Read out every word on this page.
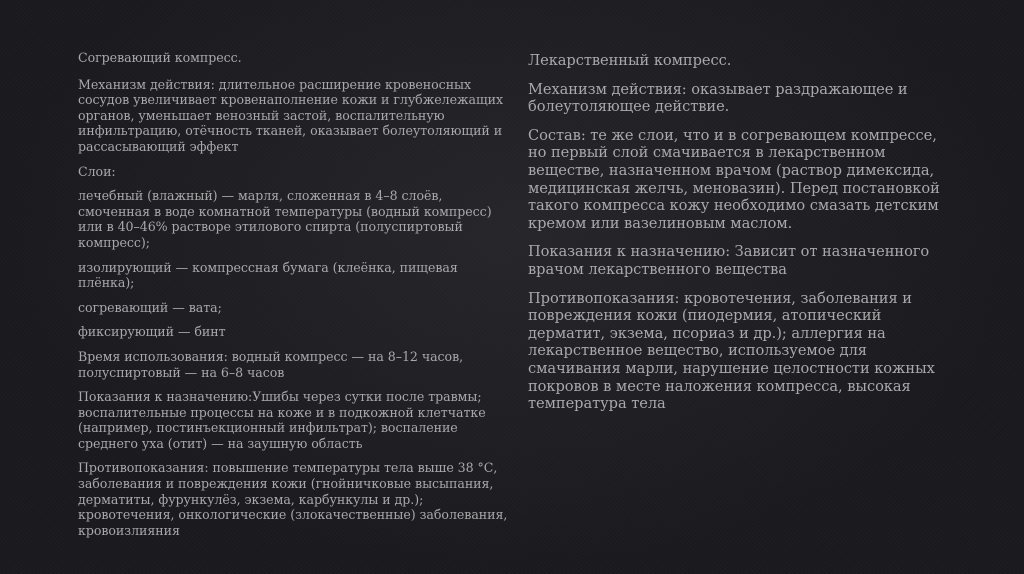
Согревающий компресс.

Механизм действия: длительное расширение кровеносных сосудов увеличивает кровенаполнение кожи и глубжележащих органов, уменьшает венозный застой, воспалительную инфильтрацию, отёчность тканей, оказывает болеутоляющий и рассасывающий эффект

Слои:

лечебный (влажный) — марля, сложенная в 4–8 слоёв, смоченная в воде комнатной температуры (водный компресс) или в 40–46% растворе этилового спирта (полуспиртовый компресс);

изолирующий — компрессная бумага (клеёнка, пищевая плёнка);

согревающий — вата;

фиксирующий — бинт

Время использования: водный компресс — на 8–12 часов, полуспиртовый — на 6–8 часов

Показания к назначению:Ушибы через сутки после травмы; воспалительные процессы на коже и в подкожной клетчатке (например, постинъекционный инфильтрат); воспаление среднего уха (отит) — на заушную область

Противопоказания: повышение температуры тела выше 38 °С, заболевания и повреждения кожи (гнойничковые высыпания, дерматиты, фурункулёз, экзема, карбункулы и др.); кровотечения, онкологические (злокачественные) заболевания, кровоизлияния

Лекарственный компресс.

Механизм действия: оказывает раздражающее и болеутоляющее действие.

Состав: те же слои, что и в согревающем компрессе, но первый слой смачивается в лекарственном веществе, назначенном врачом (раствор димексида, медицинская желчь, меновазин). Перед постановкой такого компресса кожу необходимо смазать детским кремом или вазелиновым маслом.

Показания к назначению: Зависит от назначенного врачом лекарственного вещества

Противопоказания: кровотечения, заболевания и повреждения кожи (пиодермия, атопический дерматит, экзема, псориаз и др.); аллергия на лекарственное вещество, используемое для смачивания марли, нарушение целостности кожных покровов в месте наложения компресса, высокая температура тела
